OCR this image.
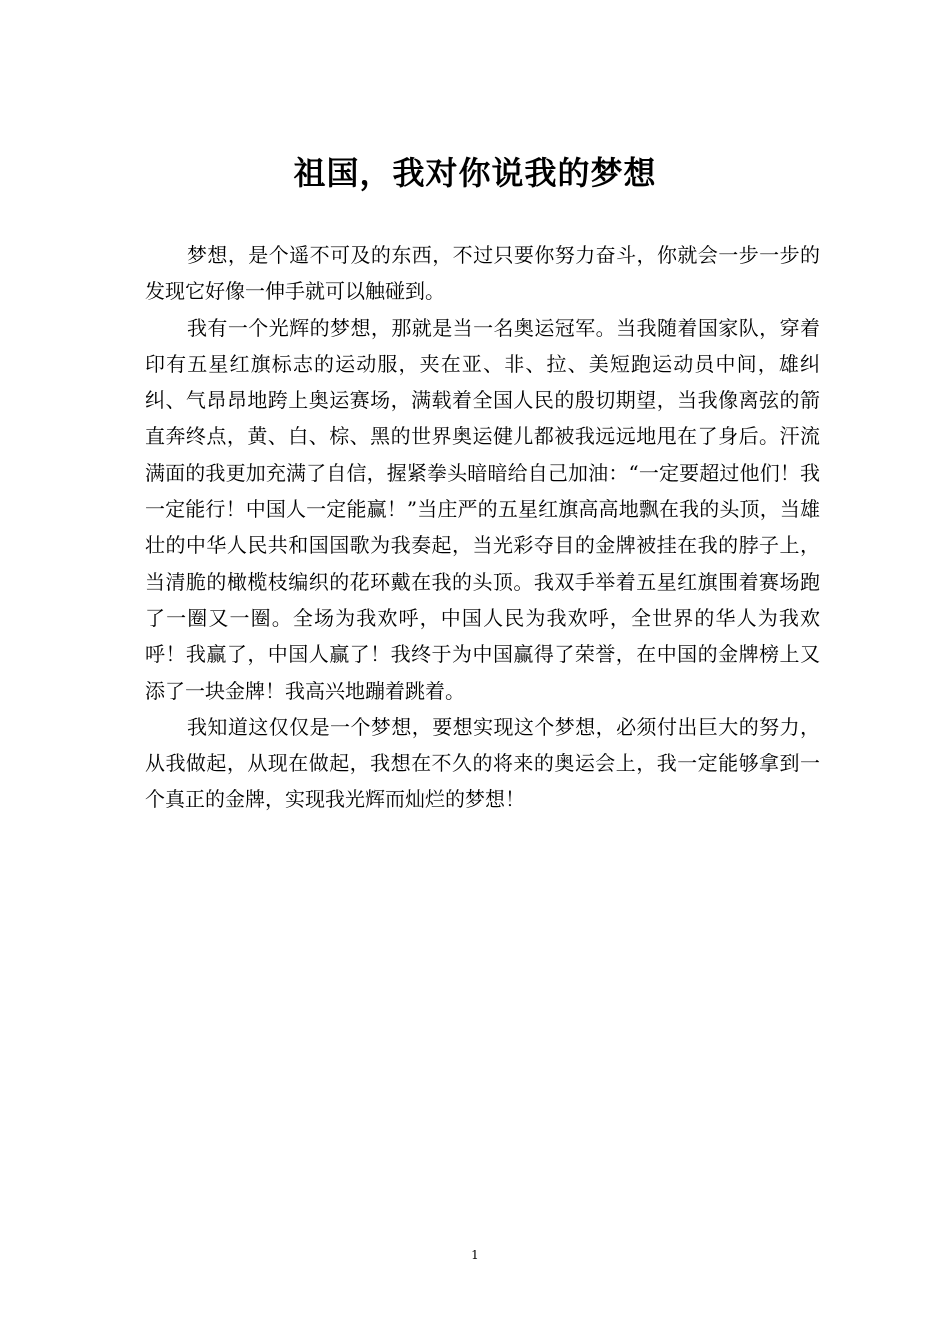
祖国，我对你说我的梦想

梦想，是个遥不可及的东西，不过只要你努力奋斗，你就会一步一步的发现它好像一伸手就可以触碰到。

我有一个光辉的梦想，那就是当一名奥运冠军。当我随着国家队，穿着印有五星红旗标志的运动服，夹在亚、非、拉、美短跑运动员中间，雄纠纠、气昂昂地跨上奥运赛场，满载着全国人民的殷切期望，当我像离弦的箭直奔终点，黄、白、棕、黑的世界奥运健儿都被我远远地甩在了身后。汗流满面的我更加充满了自信，握紧拳头暗暗给自己加油：“一定要超过他们！我一定能行！中国人一定能赢！”当庄严的五星红旗高高地飘在我的头顶，当雄壮的中华人民共和国国歌为我奏起，当光彩夺目的金牌被挂在我的脖子上，当清脆的橄榄枝编织的花环戴在我的头顶。我双手举着五星红旗围着赛场跑了一圈又一圈。全场为我欢呼，中国人民为我欢呼，全世界的华人为我欢呼！我赢了，中国人赢了！我终于为中国赢得了荣誉，在中国的金牌榜上又添了一块金牌！我高兴地蹦着跳着。

我知道这仅仅是一个梦想，要想实现这个梦想，必须付出巨大的努力，从我做起，从现在做起，我想在不久的将来的奥运会上，我一定能够拿到一个真正的金牌，实现我光辉而灿烂的梦想！

1
